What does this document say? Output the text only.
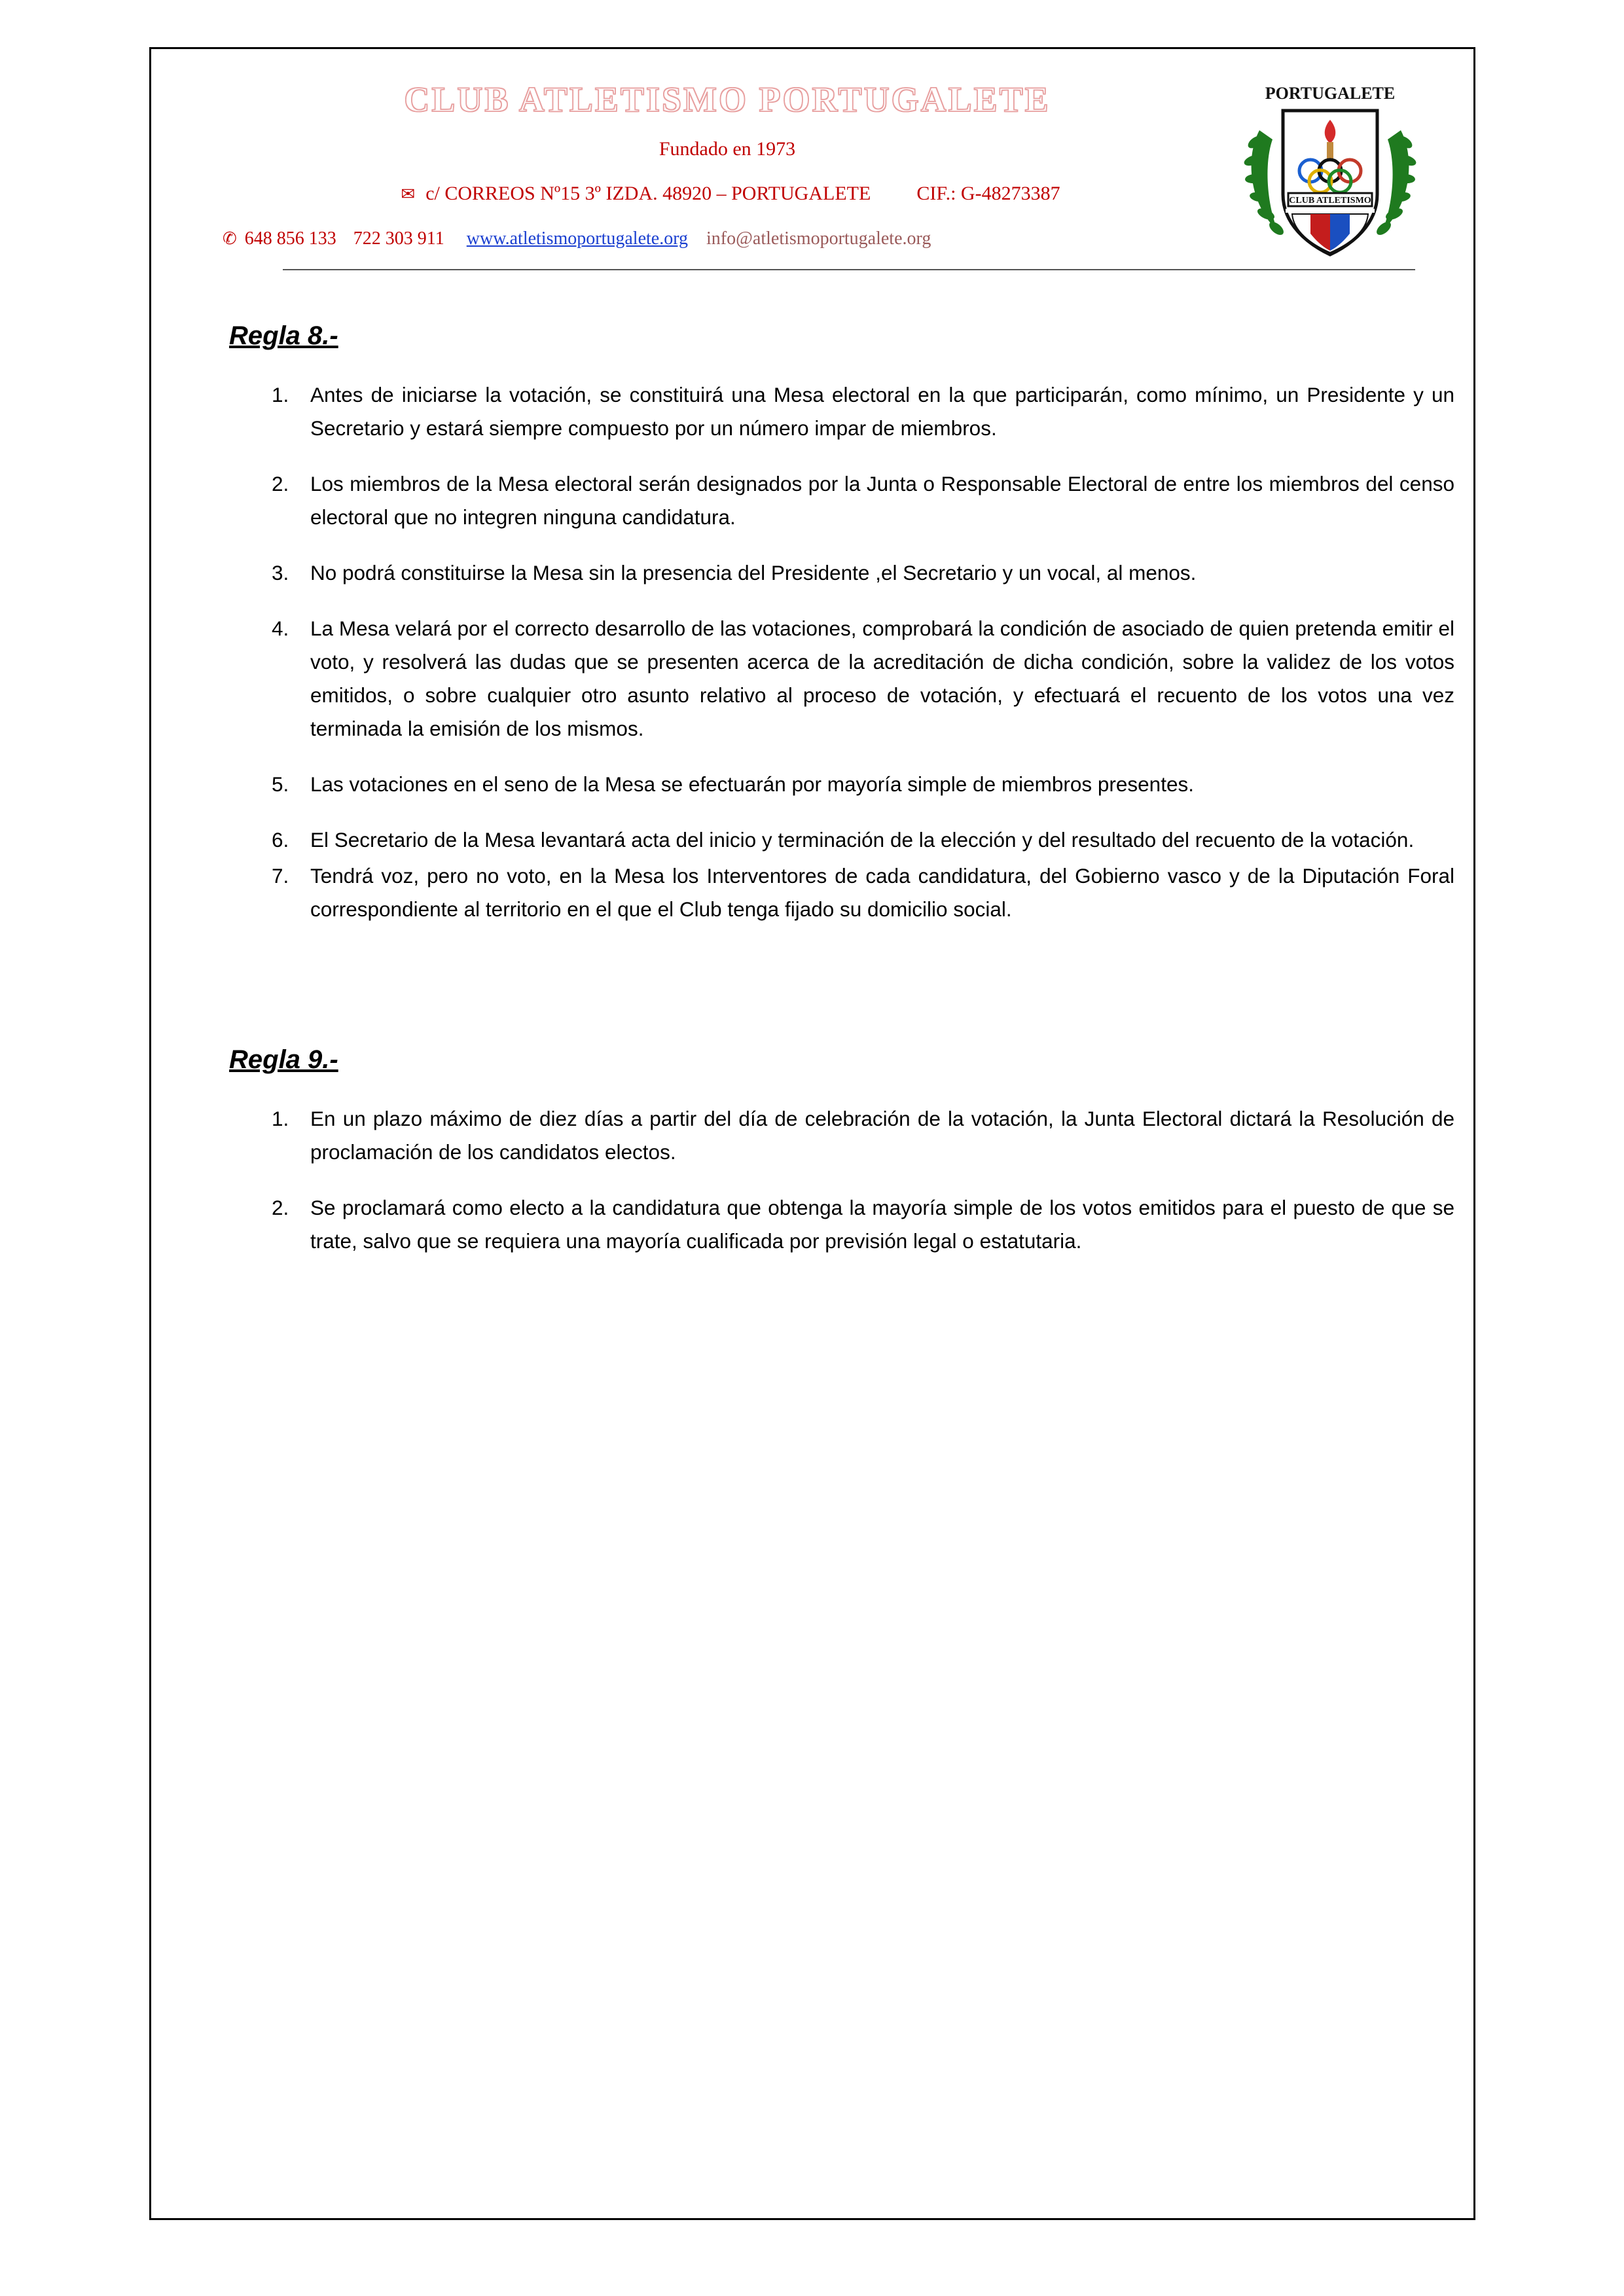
CLUB ATLETISMO PORTUGALETE
Fundado en 1973
✉ c/ CORREOS Nº15 3º IZDA. 48920 – PORTUGALETE CIF.: G-48273387
✆ 648 856 133 722 303 911 www.atletismoportugalete.org info@atletismoportugalete.org
PORTUGALETE
CLUB ATLETISMO
Regla 8.-
1. Antes de iniciarse la votación, se constituirá una Mesa electoral en la que participarán, como mínimo, un Presidente y un Secretario y estará siempre compuesto por un número impar de miembros.
2. Los miembros de la Mesa electoral serán designados por la Junta o Responsable Electoral de entre los miembros del censo electoral que no integren ninguna candidatura.
3. No podrá constituirse la Mesa sin la presencia del Presidente ,el Secretario y un vocal, al menos.
4. La Mesa velará por el correcto desarrollo de las votaciones, comprobará la condición de asociado de quien pretenda emitir el voto, y resolverá las dudas que se presenten acerca de la acreditación de dicha condición, sobre la validez de los votos emitidos, o sobre cualquier otro asunto relativo al proceso de votación, y efectuará el recuento de los votos una vez terminada la emisión de los mismos.
5. Las votaciones en el seno de la Mesa se efectuarán por mayoría simple de miembros presentes.
6. El Secretario de la Mesa levantará acta del inicio y terminación de la elección y del resultado del recuento de la votación.
7. Tendrá voz, pero no voto, en la Mesa los Interventores de cada candidatura, del Gobierno vasco y de la Diputación Foral correspondiente al territorio en el que el Club tenga fijado su domicilio social.
Regla 9.-
1. En un plazo máximo de diez días a partir del día de celebración de la votación, la Junta Electoral dictará la Resolución de proclamación de los candidatos electos.
2. Se proclamará como electo a la candidatura que obtenga la mayoría simple de los votos emitidos para el puesto de que se trate, salvo que se requiera una mayoría cualificada por previsión legal o estatutaria.
